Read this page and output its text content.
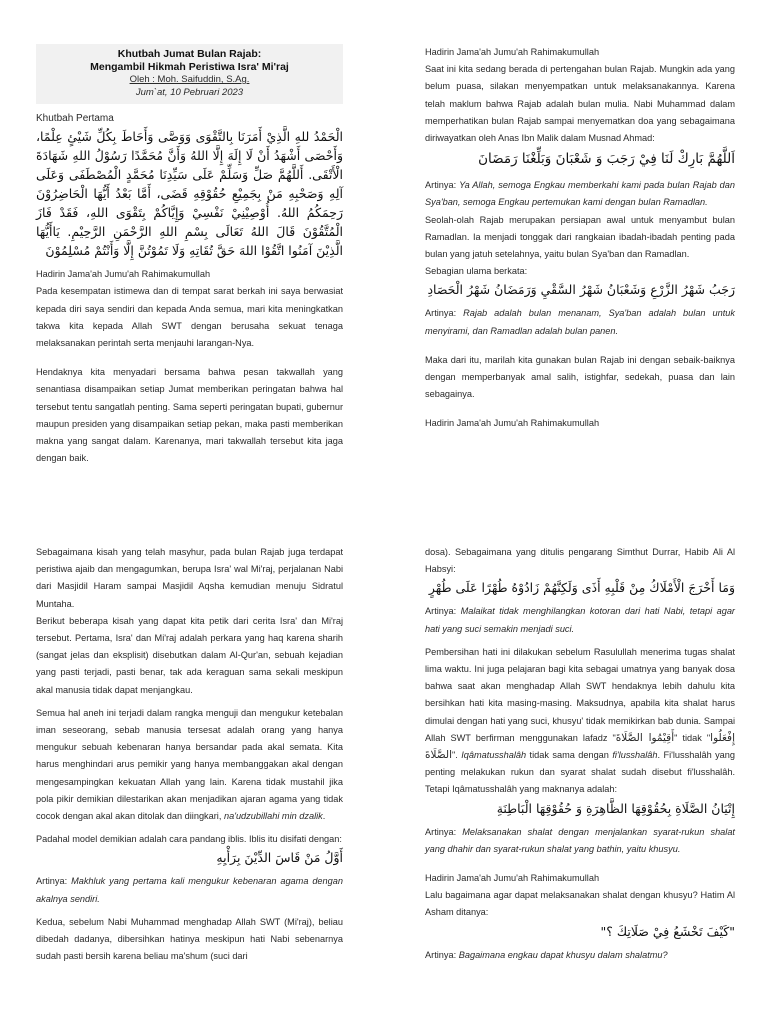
Khutbah Jumat Bulan Rajab:
Mengambil Hikmah Peristiwa Isra' Mi'raj
Oleh : Moh. Saifuddin, S.Ag.
Jum`at, 10 Pebruari 2023

Khutbah Pertama

الْحَمْدُ للهِ الَّذِيْ أَمَرَنَا بِالتَّقْوَى وَوَصَّى وَأَحَاطَ بِكُلِّ شَيْئٍ عِلْمًا، وَأَحْصَى أَشْهَدُ أَنْ لَا إِلَهَ إِلَّا اللهُ وَأَنَّ مُحَمَّدًا رَسُوْلُ اللهِ شَهَادَةَ الْأَتْقَى. أَللَّهُمَّ صَلِّ وَسَلِّمْ عَلَى سَيِّدِنَا مُحَمَّدٍ الْمُصْطَفَى وَعَلَى آلِهِ وَصَحْبِهِ مَنْ بِجَمِيْعِ حُقُوْقِهِ قَضَى، أَمَّا بَعْدُ أَيُّهَا الْحَاضِرُوْنَ رَحِمَكُمُ اللهُ. أُوْصِيْنِيْ نَفْسِيْ وَإِيَّاكُمْ بِتَقْوَى اللهِ، فَقَدْ فَازَ الْمُتَّقُوْنَ قَالَ اللهُ تَعَالَى بِسْمِ اللهِ الرَّحْمَنِ الرَّحِيْمِ. يَاأَيُّهَا الَّذِيْنَ آمَنُوا اتَّقُوْا اللهَ حَقَّ تُقَاتِهِ وَلَا تَمُوْتُنَّ إِلَّا وَأَنْتُمْ مُسْلِمُوْنَ

Hadirin Jama'ah Jumu'ah Rahimakumullah

Pada kesempatan istimewa dan di tempat sarat berkah ini saya berwasiat kepada diri saya sendiri dan kepada Anda semua, mari kita meningkatkan takwa kita kepada Allah SWT dengan berusaha sekuat tenaga melaksanakan perintah serta menjauhi larangan-Nya.

Hendaknya kita menyadari bersama bahwa pesan takwallah yang senantiasa disampaikan setiap Jumat memberikan peringatan bahwa hal tersebut tentu sangatlah penting. Sama seperti peringatan bupati, gubernur maupun presiden yang disampaikan setiap pekan, maka pasti memberikan makna yang sangat dalam. Karenanya, mari takwallah tersebut kita jaga dengan baik.

Hadirin Jama'ah Jumu'ah Rahimakumullah

Saat ini kita sedang berada di pertengahan bulan Rajab. Mungkin ada yang belum puasa, silakan menyempatkan untuk melaksanakannya. Karena telah maklum bahwa Rajab adalah bulan mulia. Nabi Muhammad dalam memperhatikan bulan Rajab sampai menyematkan doa yang sebagaimana diriwayatkan oleh Anas Ibn Malik dalam Musnad Ahmad:

اَللَّهُمَّ بَارِكْ لَنَا فِيْ رَجَبَ وَ شَعْبَانَ وَبَلِّغْنَا رَمَضَانَ

Artinya: Ya Allah, semoga Engkau memberkahi kami pada bulan Rajab dan Sya'ban, semoga Engkau pertemukan kami dengan bulan Ramadlan.

Seolah-olah Rajab merupakan persiapan awal untuk menyambut bulan Ramadlan. Ia menjadi tonggak dari rangkaian ibadah-ibadah penting pada bulan yang jatuh setelahnya, yaitu bulan Sya'ban dan Ramadlan.

Sebagian ulama berkata:

رَجَبُ شَهْرُ الزَّرْعِ وَشَعْبَانُ شَهْرُ السَّقْيِ وَرَمَضَانُ شَهْرُ الْحَصَادِ

Artinya: Rajab adalah bulan menanam, Sya'ban adalah bulan untuk menyirami, dan Ramadlan adalah bulan panen.

Maka dari itu, marilah kita gunakan bulan Rajab ini dengan sebaik-baiknya dengan memperbanyak amal salih, istighfar, sedekah, puasa dan lain sebagainya.

Hadirin Jama'ah Jumu'ah Rahimakumullah

Sebagaimana kisah yang telah masyhur, pada bulan Rajab juga terdapat peristiwa ajaib dan mengagumkan, berupa Isra' wal Mi'raj, perjalanan Nabi dari Masjidil Haram sampai Masjidil Aqsha kemudian menuju Sidratul Muntaha.

Berikut beberapa kisah yang dapat kita petik dari cerita Isra' dan Mi'raj tersebut. Pertama, Isra' dan Mi'raj adalah perkara yang haq karena sharih (sangat jelas dan eksplisit) disebutkan dalam Al-Qur'an, sebuah kejadian yang pasti terjadi, pasti benar, tak ada keraguan sama sekali meskipun akal manusia tidak dapat menjangkau.

Semua hal aneh ini terjadi dalam rangka menguji dan mengukur ketebalan iman seseorang, sebab manusia tersesat adalah orang yang hanya mengukur sebuah kebenaran hanya bersandar pada akal semata. Kita harus menghindari arus pemikir yang hanya membanggakan akal dengan mengesampingkan kekuatan Allah yang lain. Karena tidak mustahil jika pola pikir demikian dilestarikan akan menjadikan ajaran agama yang tidak cocok dengan akal akan ditolak dan diingkari, na'udzubillahi min dzalik.

Padahal model demikian adalah cara pandang iblis. Iblis itu disifati dengan:

أَوَّلُ مَنْ قَاسَ الدِّيْنَ بِرَأْيِهِ

Artinya: Makhluk yang pertama kali mengukur kebenaran agama dengan akalnya sendiri.

Kedua, sebelum Nabi Muhammad menghadap Allah SWT (Mi'raj), beliau dibedah dadanya, dibersihkan hatinya meskipun hati Nabi sebenarnya sudah pasti bersih karena beliau ma'shum (suci dari

dosa). Sebagaimana yang ditulis pengarang Simthut Durrar, Habib Ali Al Habsyi:

وَمَا أَخْرَجَ الْأَمْلَاكُ مِنْ قَلْبِهِ أَذَى وَلَكِنَّهُمْ زَادُوْهُ طُهْرًا عَلَى طُهْرٍ

Artinya: Malaikat tidak menghilangkan kotoran dari hati Nabi, tetapi agar hati yang suci semakin menjadi suci.

Pembersihan hati ini dilakukan sebelum Rasulullah menerima tugas shalat lima waktu. Ini juga pelajaran bagi kita sebagai umatnya yang banyak dosa bahwa saat akan menghadap Allah SWT hendaknya lebih dahulu kita bersihkan hati kita masing-masing. Maksudnya, apabila kita shalat harus dimulai dengan hati yang suci, khusyu' tidak memikirkan bab dunia. Sampai Allah SWT berfirman menggunakan lafadz "أَقِيْمُوا الصَّلَاةَ" tidak "إِفْعَلُوا الصَّلَاةَ". Iqâmatusshalâh tidak sama dengan fi'lusshalâh. Fi'lusshalâh yang penting melakukan rukun dan syarat shalat sudah disebut fi'lusshalâh. Tetapi Iqâmatusshalâh yang maknanya adalah:

إِتْيَانُ الصَّلَاةِ بِحُقُوْقِهَا الظَّاهِرَةِ وَ حُقُوْقِهَا الْبَاطِنَةِ

Artinya: Melaksanakan shalat dengan menjalankan syarat-rukun shalat yang dhahir dan syarat-rukun shalat yang bathin, yaitu khusyu.

Hadirin Jama'ah Jumu'ah Rahimakumullah

Lalu bagaimana agar dapat melaksanakan shalat dengan khusyu? Hatim Al Asham ditanya:

"كَيْفَ تَخْشَعُ فِيْ صَلَاتِكَ ؟"

Artinya: Bagaimana engkau dapat khusyu dalam shalatmu?
